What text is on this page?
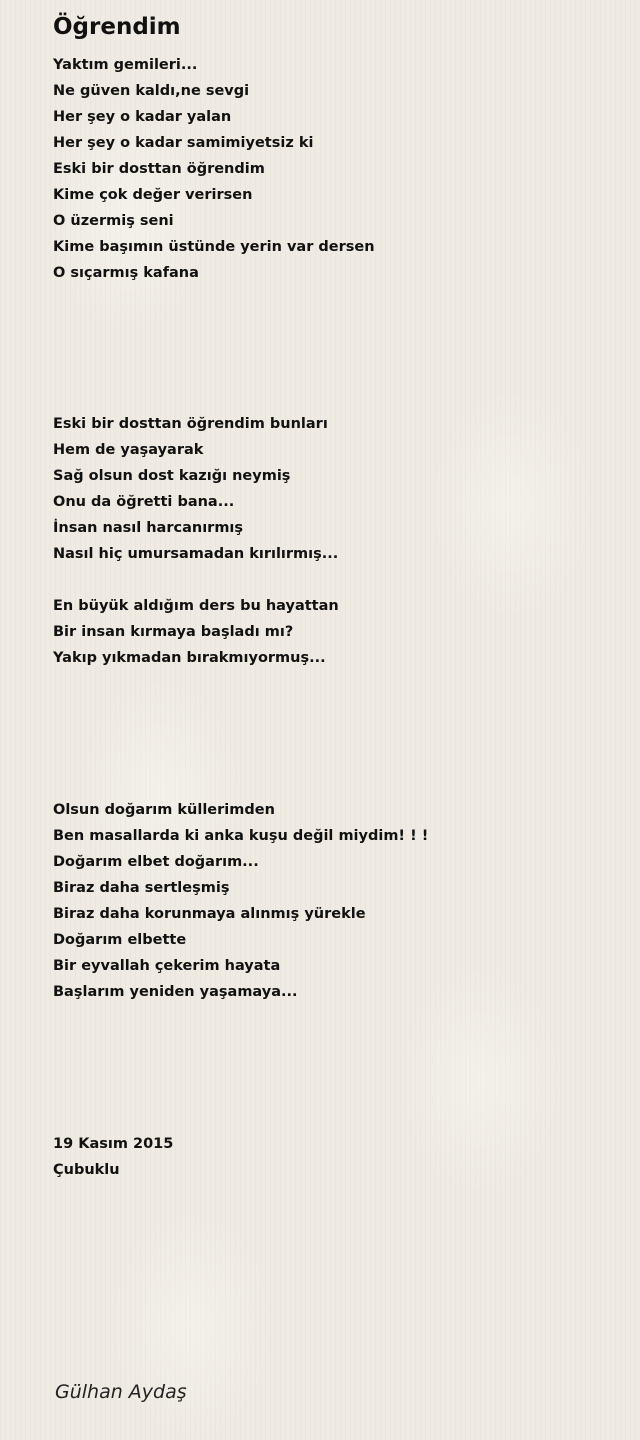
Öğrendim
Yaktım gemileri...
Ne güven kaldı,ne sevgi
Her şey o kadar yalan
Her şey o kadar samimiyetsiz ki
Eski bir dosttan öğrendim
Kime çok değer verirsen
O üzermiş seni
Kime başımın üstünde yerin var dersen
O sıçarmış kafana
Eski bir dosttan öğrendim bunları
Hem de yaşayarak
Sağ olsun dost kazığı neymiş
Onu da öğretti bana...
İnsan nasıl harcanırmış
Nasıl hiç umursamadan kırılırmış...
En büyük aldığım ders bu hayattan
Bir insan kırmaya başladı mı?
Yakıp yıkmadan bırakmıyormuş...
Olsun doğarım küllerimden
Ben masallarda ki anka kuşu değil miydim! ! !
Doğarım elbet doğarım...
Biraz daha sertleşmiş
Biraz daha korunmaya alınmış yürekle
Doğarım elbette
Bir eyvallah çekerim hayata
Başlarım yeniden yaşamaya...
19 Kasım 2015
Çubuklu

Gülhan Aydaş
